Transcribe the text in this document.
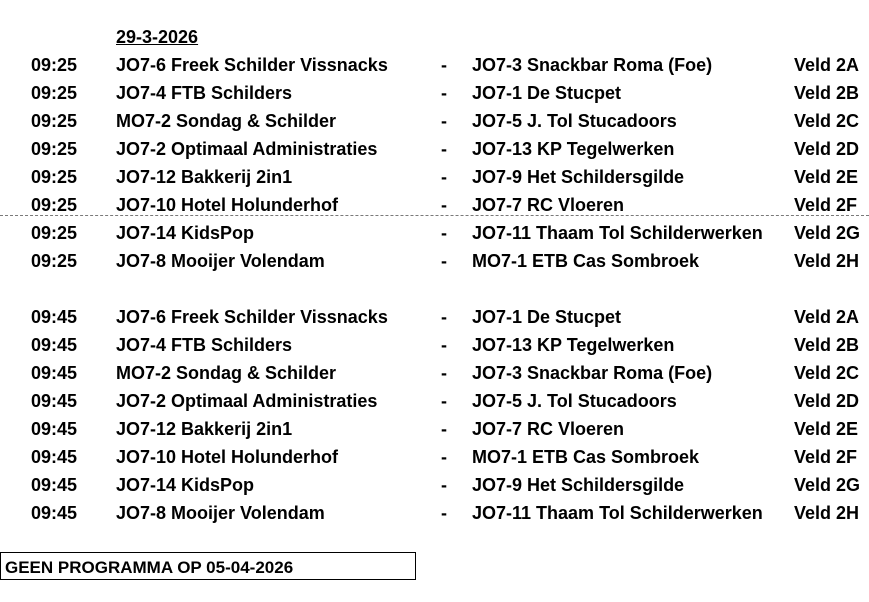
29-3-2026
09:25 JO7-6 Freek Schilder Vissnacks	- JO7-3 Snackbar Roma (Foe)	Veld 2A
09:25 JO7-4 FTB Schilders	- JO7-1 De Stucpet	Veld 2B
09:25 MO7-2 Sondag & Schilder	- JO7-5 J. Tol Stucadoors	Veld 2C
09:25 JO7-2 Optimaal Administraties	- JO7-13 KP Tegelwerken	Veld 2D
09:25 JO7-12 Bakkerij 2in1	- JO7-9 Het Schildersgilde	Veld 2E
09:25 JO7-10 Hotel Holunderhof	- JO7-7 RC Vloeren	Veld 2F
09:25 JO7-14 KidsPop	- JO7-11 Thaam Tol Schilderwerken Veld 2G
09:25 JO7-8 Mooijer Volendam	- MO7-1 ETB Cas Sombroek	Veld 2H
09:45 JO7-6 Freek Schilder Vissnacks	- JO7-1 De Stucpet	Veld 2A
09:45 JO7-4 FTB Schilders	- JO7-13 KP Tegelwerken	Veld 2B
09:45 MO7-2 Sondag & Schilder	- JO7-3 Snackbar Roma (Foe)	Veld 2C
09:45 JO7-2 Optimaal Administraties	- JO7-5 J. Tol Stucadoors	Veld 2D
09:45 JO7-12 Bakkerij 2in1	- JO7-7 RC Vloeren	Veld 2E
09:45 JO7-10 Hotel Holunderhof	- MO7-1 ETB Cas Sombroek	Veld 2F
09:45 JO7-14 KidsPop	- JO7-9 Het Schildersgilde	Veld 2G
09:45 JO7-8 Mooijer Volendam	- JO7-11 Thaam Tol Schilderwerken Veld 2H
GEEN PROGRAMMA OP 05-04-2026
